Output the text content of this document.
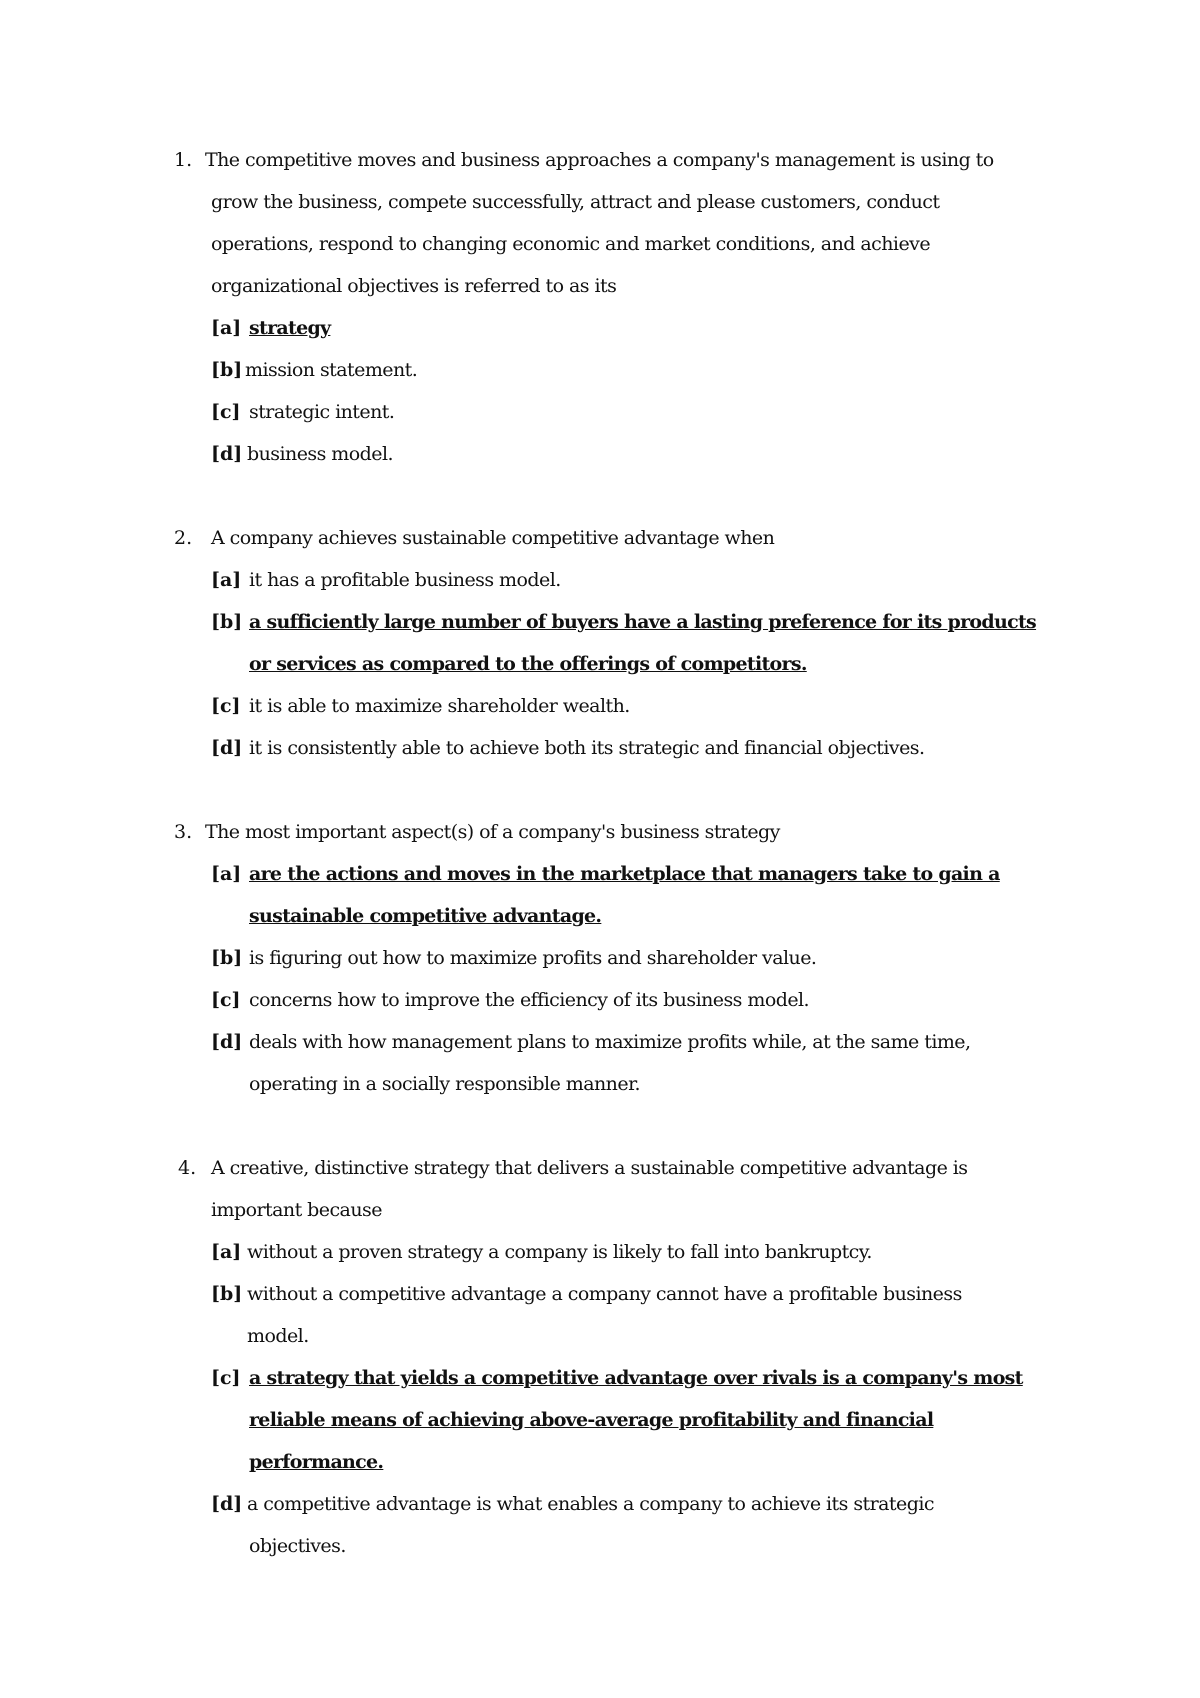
1. The competitive moves and business approaches a company's management is using to
grow the business, compete successfully, attract and please customers, conduct
operations, respond to changing economic and market conditions, and achieve
organizational objectives is referred to as its
[a] strategy
[b] mission statement.
[c] strategic intent.
[d] business model.
2. A company achieves sustainable competitive advantage when
[a] it has a profitable business model.
[b] a sufficiently large number of buyers have a lasting preference for its products
or services as compared to the offerings of competitors.
[c] it is able to maximize shareholder wealth.
[d] it is consistently able to achieve both its strategic and financial objectives.
3. The most important aspect(s) of a company's business strategy
[a] are the actions and moves in the marketplace that managers take to gain a
sustainable competitive advantage.
[b] is figuring out how to maximize profits and shareholder value.
[c] concerns how to improve the efficiency of its business model.
[d] deals with how management plans to maximize profits while, at the same time,
operating in a socially responsible manner.
4. A creative, distinctive strategy that delivers a sustainable competitive advantage is
important because
[a] without a proven strategy a company is likely to fall into bankruptcy.
[b] without a competitive advantage a company cannot have a profitable business
model.
[c] a strategy that yields a competitive advantage over rivals is a company's most
reliable means of achieving above-average profitability and financial
performance.
[d] a competitive advantage is what enables a company to achieve its strategic
objectives.
